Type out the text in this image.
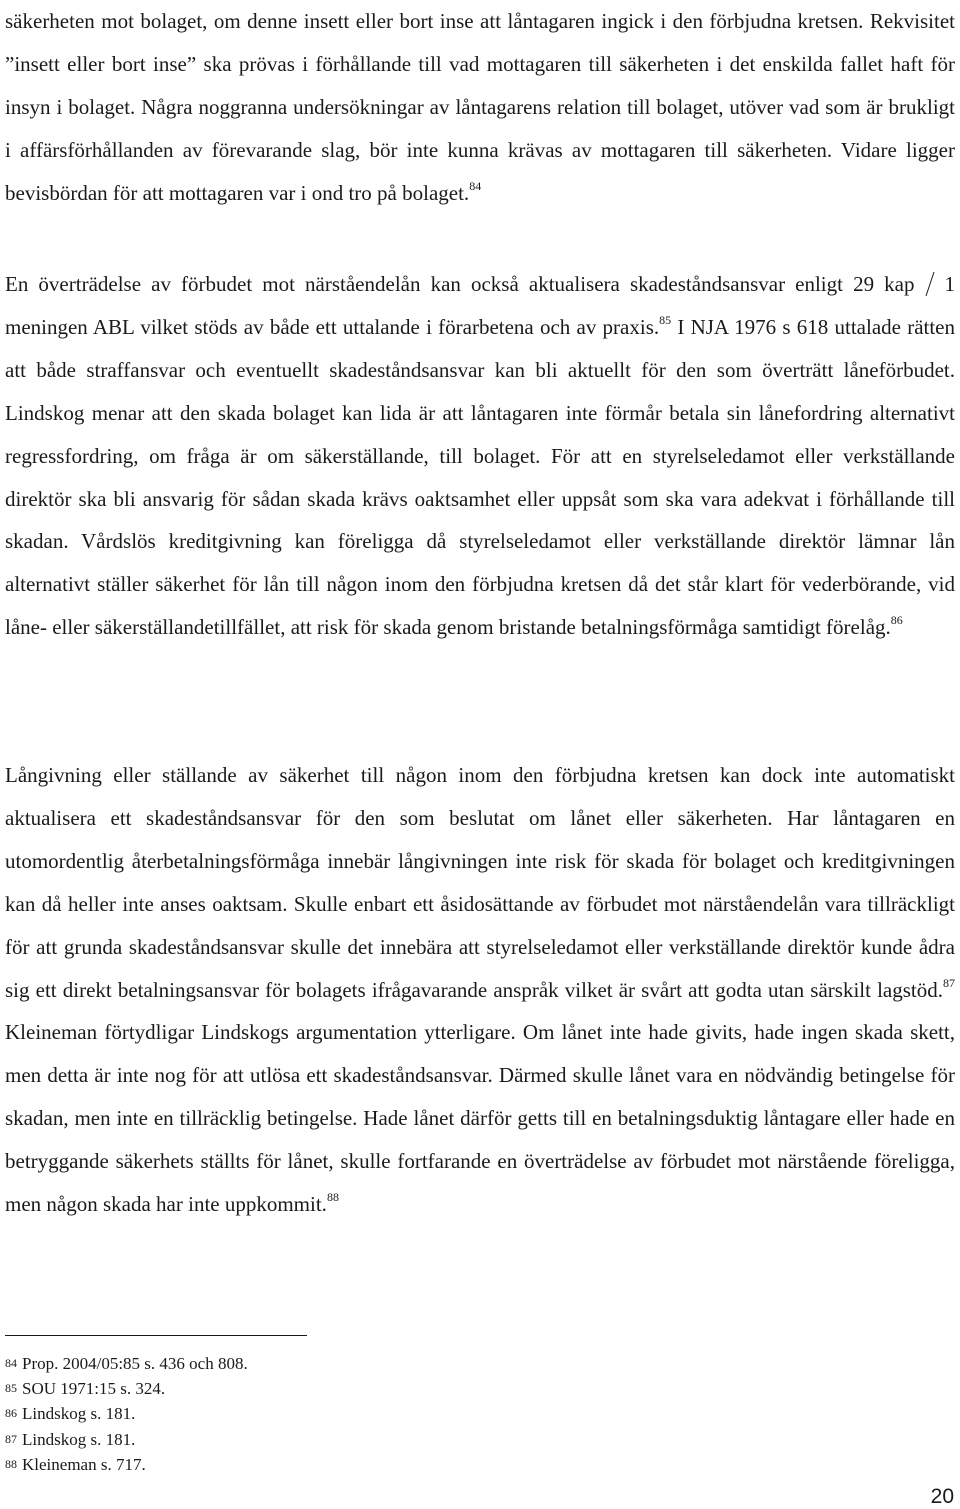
säkerheten mot bolaget, om denne insett eller bort inse att låntagaren ingick i den förbjudna kretsen. Rekvisitet ”insett eller bort inse” ska prövas i förhållande till vad mottagaren till säkerheten i det enskilda fallet haft för insyn i bolaget. Några noggranna undersökningar av låntagarens relation till bolaget, utöver vad som är brukligt i affärsförhållanden av förevarande slag, bör inte kunna krävas av mottagaren till säkerheten. Vidare ligger bevisbördan för att mottagaren var i ond tro på bolaget.$^{84}$

En överträdelse av förbudet mot närståendelån kan också aktualisera skadeståndsansvar enligt 29 kap 1 meningen ABL vilket stöds av både ett uttalande i förarbetena och av praxis.$^{85}$ I NJA 1976 s 618 uttalade rätten att både straffansvar och eventuellt skadeståndsansvar kan bli aktuellt för den som överträtt låneförbudet. Lindskog menar att den skada bolaget kan lida är att låntagaren inte förmår betala sin lånefordring alternativt regressfordring, om fråga är om säkerställande, till bolaget. För att en styrelseledamot eller verkställande direktör ska bli ansvarig för sådan skada krävs oaktsamhet eller uppsåt som ska vara adekvat i förhållande till skadan. Vårdslös kreditgivning kan föreligga då styrelseledamot eller verkställande direktör lämnar lån alternativt ställer säkerhet för lån till någon inom den förbjudna kretsen då det står klart för vederbörande, vid låne- eller säkerställandetillfället, att risk för skada genom bristande betalningsförmåga samtidigt förelåg.$^{86}$

Långivning eller ställande av säkerhet till någon inom den förbjudna kretsen kan dock inte automatiskt aktualisera ett skadeståndsansvar för den som beslutat om lånet eller säkerheten. Har låntagaren en utomordentlig återbetalningsförmåga innebär långivningen inte risk för skada för bolaget och kreditgivningen kan då heller inte anses oaktsam. Skulle enbart ett åsidosättande av förbudet mot närståendelån vara tillräckligt för att grunda skadeståndsansvar skulle det innebära att styrelseledamot eller verkställande direktör kunde ådra sig ett direkt betalningsansvar för bolagets ifrågavarande anspråk vilket är svårt att godta utan särskilt lagstöd.$^{87}$ Kleineman förtydligar Lindskogs argumentation ytterligare. Om lånet inte hade givits, hade ingen skada skett, men detta är inte nog för att utlösa ett skadeståndsansvar. Därmed skulle lånet vara en nödvändig betingelse för skadan, men inte en tillräcklig betingelse. Hade lånet därför getts till en betalningsduktig låntagare eller hade en betryggande säkerhets ställts för lånet, skulle fortfarande en överträdelse av förbudet mot närstående föreligga, men någon skada har inte uppkommit.$^{88}$

84 Prop. 2004/05:85 s. 436 och 808.
85 SOU 1971:15 s. 324.
86 Lindskog s. 181.
87 Lindskog s. 181.
88 Kleineman s. 717.
20
